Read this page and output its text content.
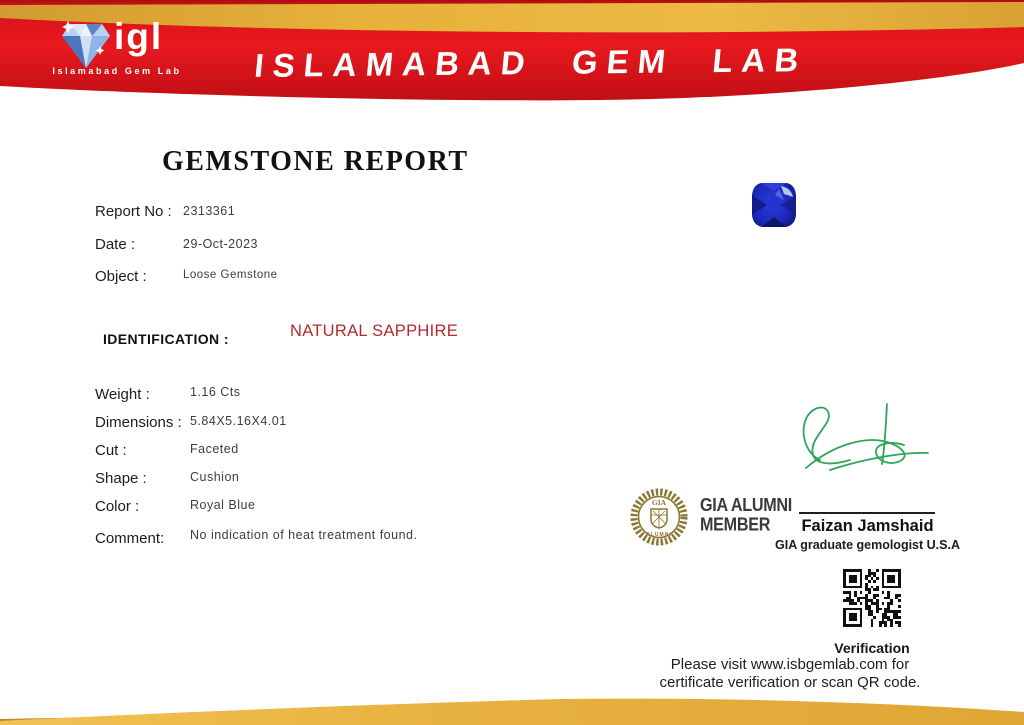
ISLAMABAD GEM LAB
igl
Islamabad Gem Lab
GEMSTONE REPORT
Report No : 2313361
Date :	29-Oct-2023
Object :	Loose Gemstone
IDENTIFICATION :	NATURAL SAPPHIRE
Weight :	1.16 Cts
Dimensions : 5.84X5.16X4.01
Cut :	Faceted
Shape :	Cushion
Color :	Royal Blue
Comment: No indication of heat treatment found.	Faizan Jamshaid
GIA graduate gemologist U.S.A
GIA
ALUMNI
GIA ALUMNI
MEMBER
Verification
Please visit www.isbgemlab.com for
certificate verification or scan QR code.
